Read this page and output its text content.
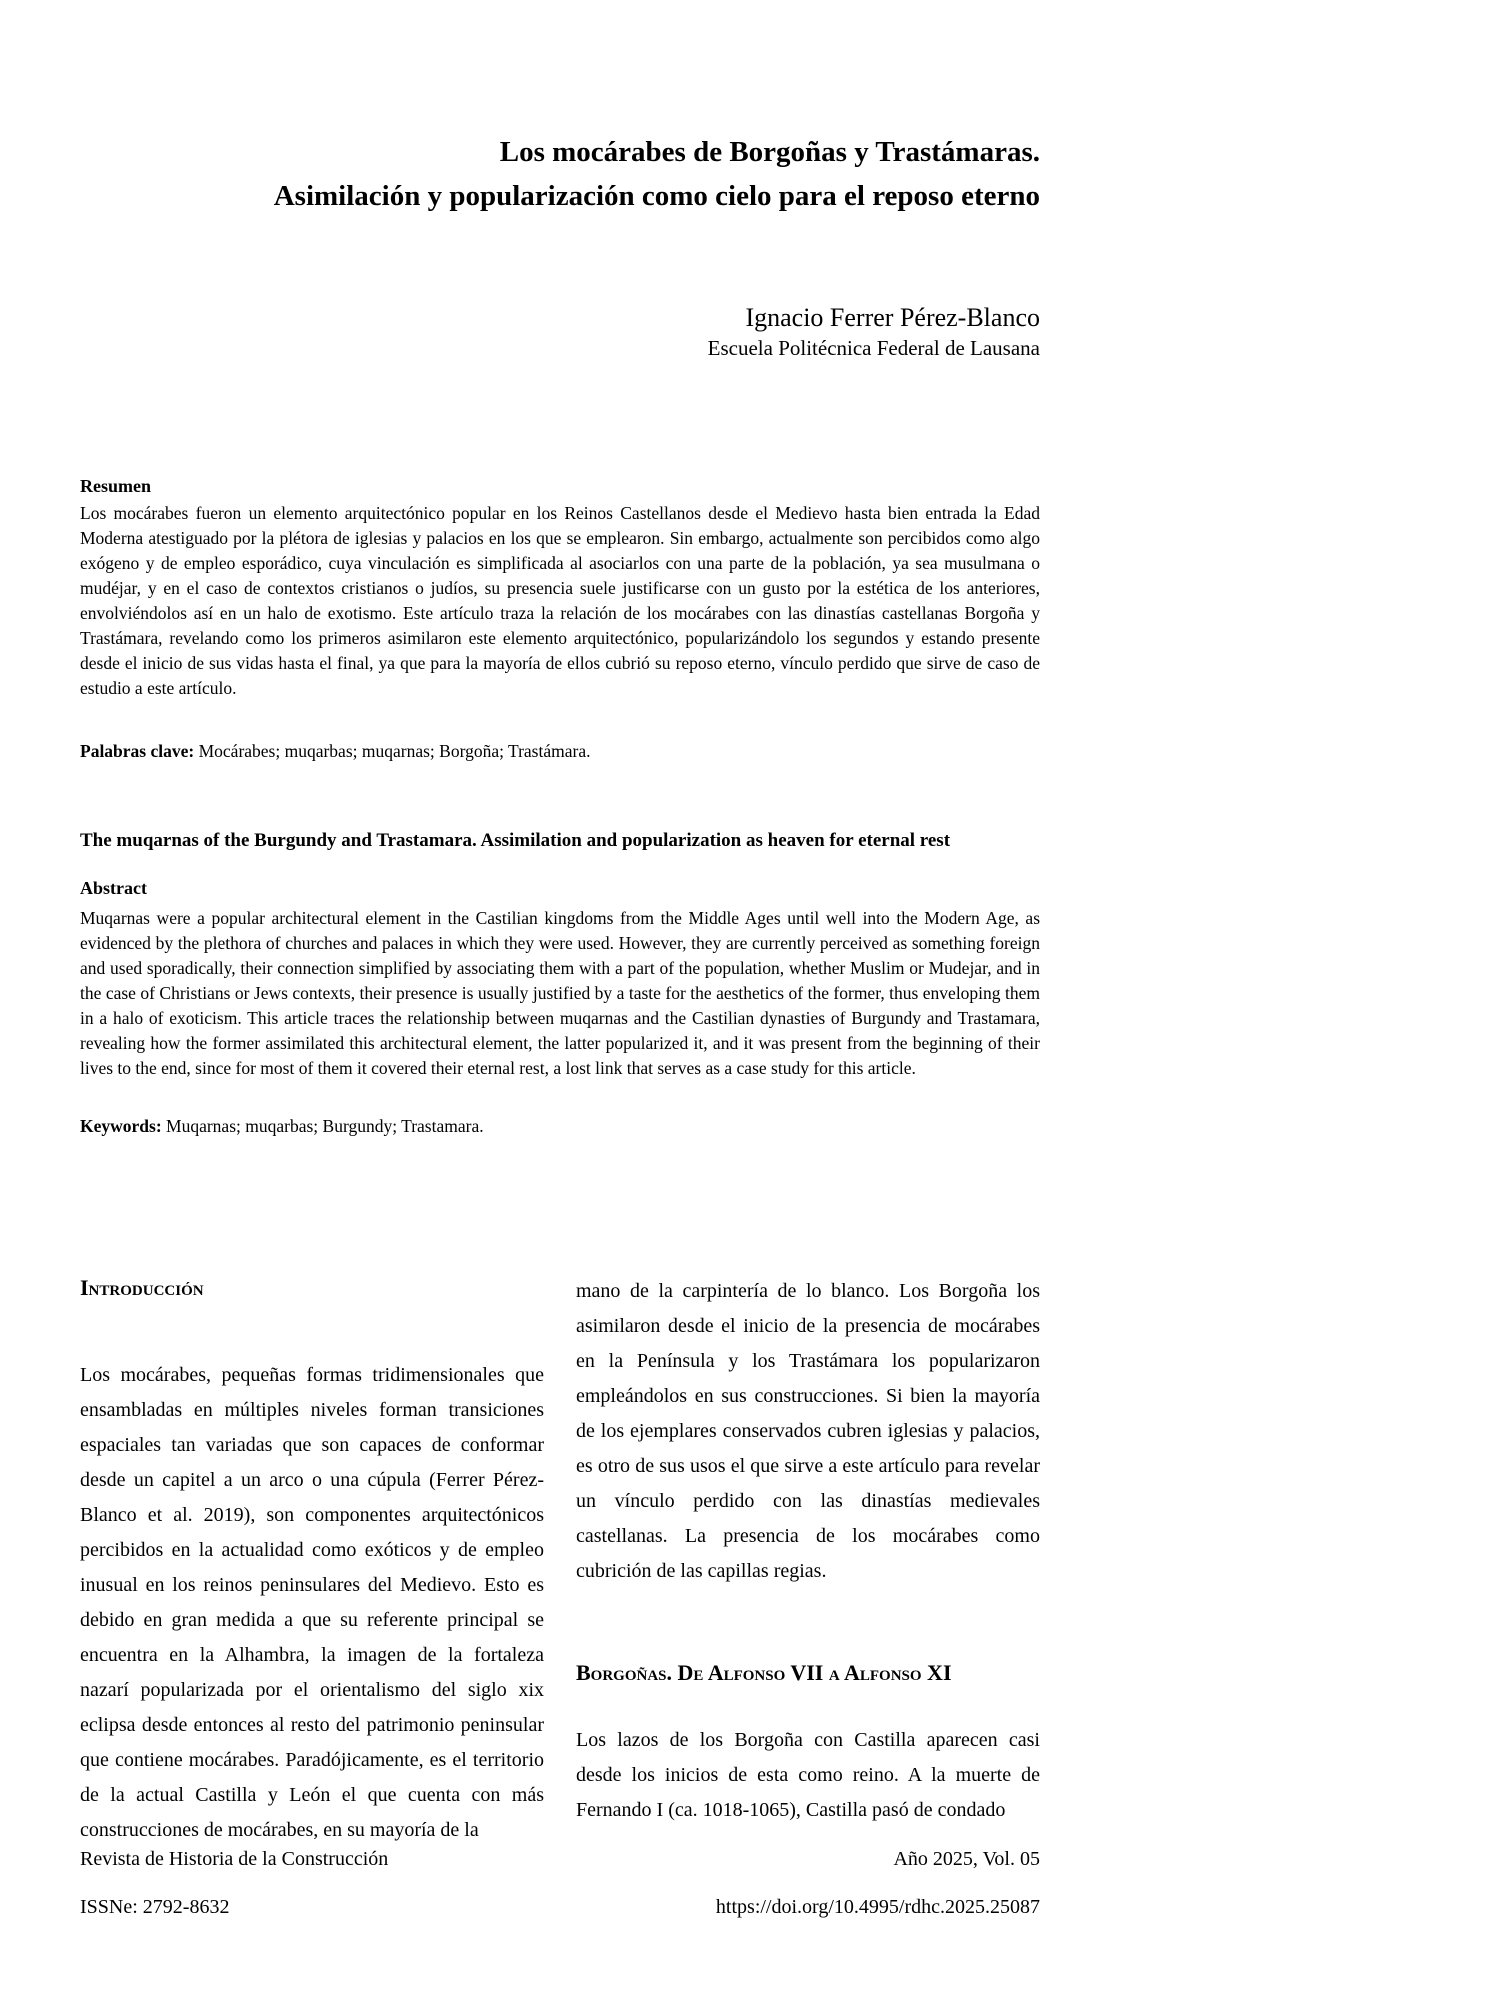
Los mocárabes de Borgoñas y Trastámaras.
Asimilación y popularización como cielo para el reposo eterno
Ignacio Ferrer Pérez-Blanco
Escuela Politécnica Federal de Lausana
Resumen

Los mocárabes fueron un elemento arquitectónico popular en los Reinos Castellanos desde el Medievo hasta bien entrada la Edad Moderna atestiguado por la plétora de iglesias y palacios en los que se emplearon. Sin embargo, actualmente son percibidos como algo exógeno y de empleo esporádico, cuya vinculación es simplificada al asociarlos con una parte de la población, ya sea musulmana o mudéjar, y en el caso de contextos cristianos o judíos, su presencia suele justificarse con un gusto por la estética de los anteriores, envolviéndolos así en un halo de exotismo. Este artículo traza la relación de los mocárabes con las dinastías castellanas Borgoña y Trastámara, revelando como los primeros asimilaron este elemento arquitectónico, popularizándolo los segundos y estando presente desde el inicio de sus vidas hasta el final, ya que para la mayoría de ellos cubrió su reposo eterno, vínculo perdido que sirve de caso de estudio a este artículo.

Palabras clave: Mocárabes; muqarbas; muqarnas; Borgoña; Trastámara.

The muqarnas of the Burgundy and Trastamara. Assimilation and popularization as heaven for eternal rest
Abstract

Muqarnas were a popular architectural element in the Castilian kingdoms from the Middle Ages until well into the Modern Age, as evidenced by the plethora of churches and palaces in which they were used. However, they are currently perceived as something foreign and used sporadically, their connection simplified by associating them with a part of the population, whether Muslim or Mudejar, and in the case of Christians or Jews contexts, their presence is usually justified by a taste for the aesthetics of the former, thus enveloping them in a halo of exoticism. This article traces the relationship between muqarnas and the Castilian dynasties of Burgundy and Trastamara, revealing how the former assimilated this architectural element, the latter popularized it, and it was present from the beginning of their lives to the end, since for most of them it covered their eternal rest, a lost link that serves as a case study for this article.

Keywords: Muqarnas; muqarbas; Burgundy; Trastamara.

Introducción

Los mocárabes, pequeñas formas tridimensionales que ensambladas en múltiples niveles forman transiciones espaciales tan variadas que son capaces de conformar desde un capitel a un arco o una cúpula (Ferrer Pérez-Blanco et al. 2019), son componentes arquitectónicos percibidos en la actualidad como exóticos y de empleo inusual en los reinos peninsulares del Medievo. Esto es debido en gran medida a que su referente principal se encuentra en la Alhambra, la imagen de la fortaleza nazarí popularizada por el orientalismo del siglo xix eclipsa desde entonces al resto del patrimonio peninsular que contiene mocárabes. Paradójicamente, es el territorio de la actual Castilla y León el que cuenta con más construcciones de mocárabes, en su mayoría de la

mano de la carpintería de lo blanco. Los Borgoña los asimilaron desde el inicio de la presencia de mocárabes en la Península y los Trastámara los popularizaron empleándolos en sus construcciones. Si bien la mayoría de los ejemplares conservados cubren iglesias y palacios, es otro de sus usos el que sirve a este artículo para revelar un vínculo perdido con las dinastías medievales castellanas. La presencia de los mocárabes como cubrición de las capillas regias.

Borgoñas. De Alfonso VII a Alfonso XI

Los lazos de los Borgoña con Castilla aparecen casi desde los inicios de esta como reino. A la muerte de Fernando I (ca. 1018-1065), Castilla pasó de condado

Revista de Historia de la Construcción	Año 2025, Vol. 05
ISSNe: 2792-8632	https://doi.org/10.4995/rdhc.2025.25087
